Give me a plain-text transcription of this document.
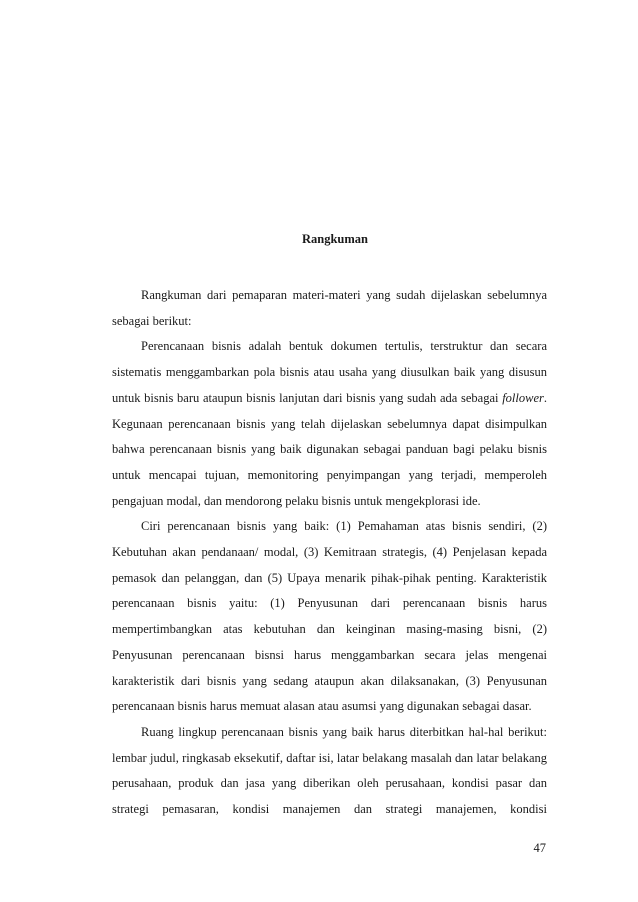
Rangkuman

Rangkuman dari pemaparan materi-materi yang sudah dijelaskan sebelumnya sebagai berikut:

Perencanaan bisnis adalah bentuk dokumen tertulis, terstruktur dan secara sistematis menggambarkan pola bisnis atau usaha yang diusulkan baik yang disusun untuk bisnis baru ataupun bisnis lanjutan dari bisnis yang sudah ada sebagai follower. Kegunaan perencanaan bisnis yang telah dijelaskan sebelumnya dapat disimpulkan bahwa perencanaan bisnis yang baik digunakan sebagai panduan bagi pelaku bisnis untuk mencapai tujuan, memonitoring penyimpangan yang terjadi, memperoleh pengajuan modal, dan mendorong pelaku bisnis untuk mengekplorasi ide.

Ciri perencanaan bisnis yang baik: (1) Pemahaman atas bisnis sendiri, (2) Kebutuhan akan pendanaan/ modal, (3) Kemitraan strategis, (4) Penjelasan kepada pemasok dan pelanggan, dan (5) Upaya menarik pihak-pihak penting. Karakteristik perencanaan bisnis yaitu: (1) Penyusunan dari perencanaan bisnis harus mempertimbangkan atas kebutuhan dan keinginan masing-masing bisni, (2) Penyusunan perencanaan bisnsi harus menggambarkan secara jelas mengenai karakteristik dari bisnis yang sedang ataupun akan dilaksanakan, (3) Penyusunan perencanaan bisnis harus memuat alasan atau asumsi yang digunakan sebagai dasar.

Ruang lingkup perencanaan bisnis yang baik harus diterbitkan hal-hal berikut: lembar judul, ringkasab eksekutif, daftar isi, latar belakang masalah dan latar belakang perusahaan, produk dan jasa yang diberikan oleh perusahaan, kondisi pasar dan strategi pemasaran, kondisi manajemen dan strategi manajemen, kondisi

47
